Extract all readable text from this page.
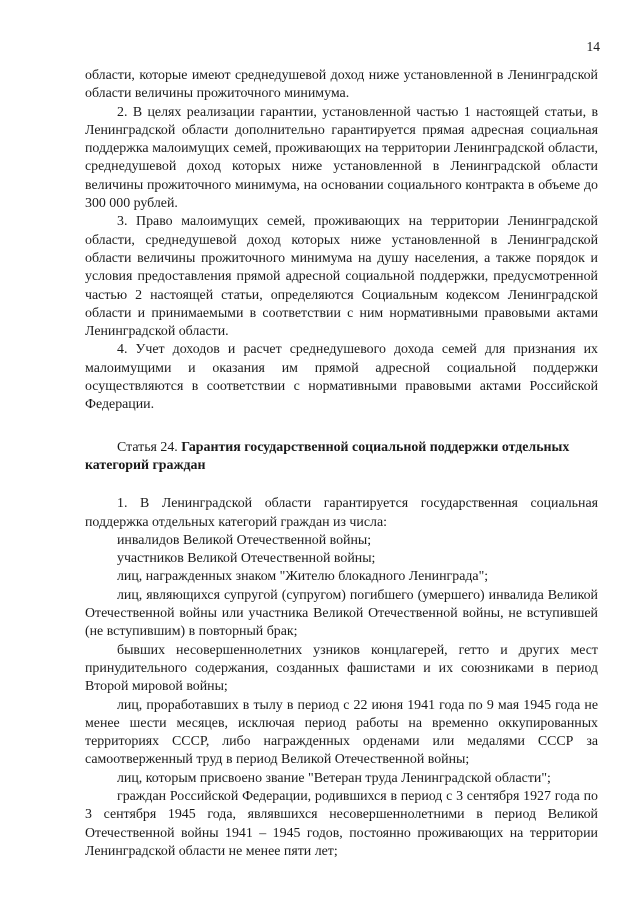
14

области, которые имеют среднедушевой доход ниже установленной в Ленинградской области величины прожиточного минимума.

2. В целях реализации гарантии, установленной частью 1 настоящей статьи, в Ленинградской области дополнительно гарантируется прямая адресная социальная поддержка малоимущих семей, проживающих на территории Ленинградской области, среднедушевой доход которых ниже установленной в Ленинградской области величины прожиточного минимума, на основании социального контракта в объеме до 300 000 рублей.

3. Право малоимущих семей, проживающих на территории Ленинградской области, среднедушевой доход которых ниже установленной в Ленинградской области величины прожиточного минимума на душу населения, а также порядок и условия предоставления прямой адресной социальной поддержки, предусмотренной частью 2 настоящей статьи, определяются Социальным кодексом Ленинградской области и принимаемыми в соответствии с ним нормативными правовыми актами Ленинградской области.

4. Учет доходов и расчет среднедушевого дохода семей для признания их малоимущими и оказания им прямой адресной социальной поддержки осуществляются в соответствии с нормативными правовыми актами Российской Федерации.

Статья 24. Гарантия государственной социальной поддержки отдельных категорий граждан

1. В Ленинградской области гарантируется государственная социальная поддержка отдельных категорий граждан из числа:

инвалидов Великой Отечественной войны;

участников Великой Отечественной войны;

лиц, награжденных знаком "Жителю блокадного Ленинграда";

лиц, являющихся супругой (супругом) погибшего (умершего) инвалида Великой Отечественной войны или участника Великой Отечественной войны, не вступившей (не вступившим) в повторный брак;

бывших несовершеннолетних узников концлагерей, гетто и других мест принудительного содержания, созданных фашистами и их союзниками в период Второй мировой войны;

лиц, проработавших в тылу в период с 22 июня 1941 года по 9 мая 1945 года не менее шести месяцев, исключая период работы на временно оккупированных территориях СССР, либо награжденных орденами или медалями СССР за самоотверженный труд в период Великой Отечественной войны;

лиц, которым присвоено звание "Ветеран труда Ленинградской области";

граждан Российской Федерации, родившихся в период с 3 сентября 1927 года по 3 сентября 1945 года, являвшихся несовершеннолетними в период Великой Отечественной войны 1941 – 1945 годов, постоянно проживающих на территории Ленинградской области не менее пяти лет;
